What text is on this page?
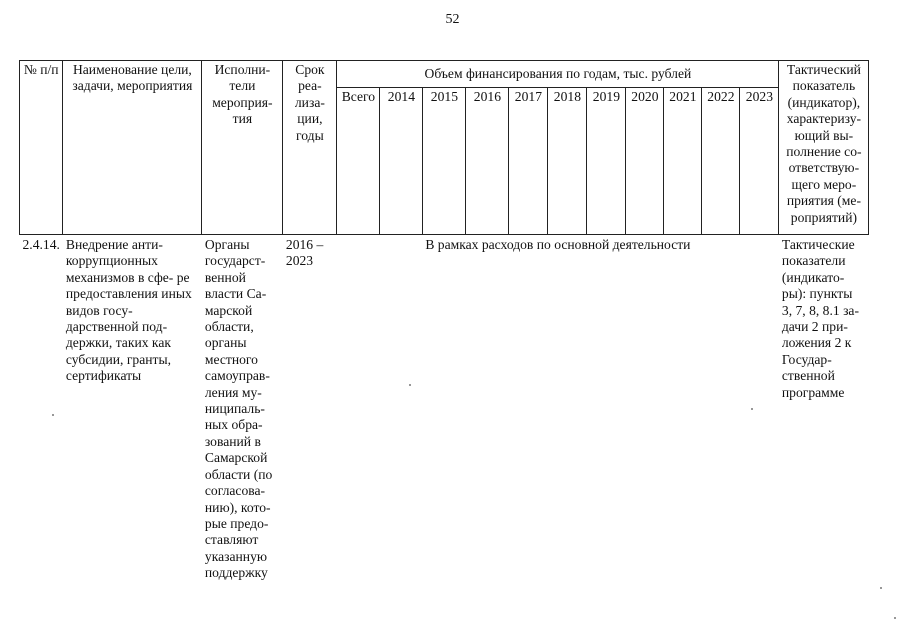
52
№ п/п	Наименование цели, задачи, мероприятия	Исполни- тели мероприя- тия	Срок реа- лиза- ции, годы	Объем финансирования по годам, тыс. рублей											Тактический показатель (индикатор), характеризу- ющий вы- полнение со- ответствую- щего меро- приятия (ме- роприятий)
				Всего	2014	2015	2016	2017	2018	2019	2020	2021	2022	2023	
2.4.14.	Внедрение анти- коррупционных механизмов в сфе- ре предоставления иных видов госу- дарственной под- держки, таких как субсидии, гранты, сертификаты	Органы государст- венной власти Са- марской области, органы местного самоуправ- ления му- ниципаль- ных обра- зований в Самарской области (по согласова- нию), кото- рые предо- ставляют указанную поддержку	2016 – 2023	В рамках расходов по основной деятельности											Тактические показатели (индикато- ры): пункты 3, 7, 8, 8.1 за- дачи 2 при- ложения 2 к Государ- ственной программе
